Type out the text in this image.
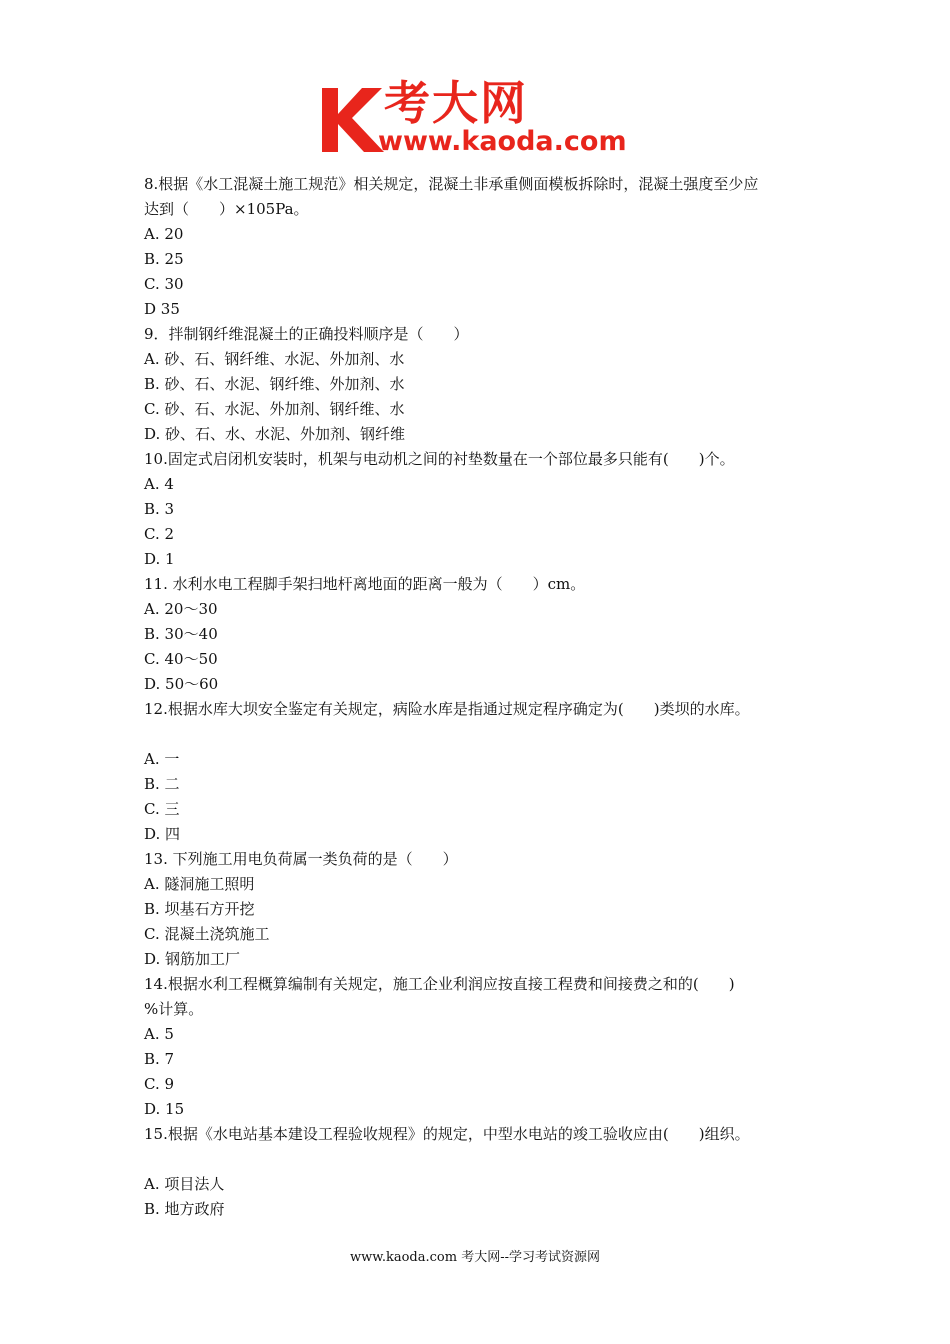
考大网
www.kaoda.com
8.根据《水工混凝土施工规范》相关规定，混凝土非承重侧面模板拆除时，混凝土强度至少应
达到（　　）×105Pa。
A. 20
B. 25
C. 30
D 35
9．拌制钢纤维混凝土的正确投料顺序是（　　）
A. 砂、石、钢纤维、水泥、外加剂、水
B. 砂、石、水泥、钢纤维、外加剂、水
C. 砂、石、水泥、外加剂、钢纤维、水
D. 砂、石、水、水泥、外加剂、钢纤维
10.固定式启闭机安装时，机架与电动机之间的衬垫数量在一个部位最多只能有(　　)个。
A. 4
B. 3
C. 2
D. 1
11. 水利水电工程脚手架扫地杆离地面的距离一般为（　　）cm。
A. 20～30
B. 30～40
C. 40～50
D. 50～60
12.根据水库大坝安全鉴定有关规定，病险水库是指通过规定程序确定为(　　)类坝的水库。
A. 一
B. 二
C. 三
D. 四
13. 下列施工用电负荷属一类负荷的是（　　）
A. 隧洞施工照明
B. 坝基石方开挖
C. 混凝土浇筑施工
D. 钢筋加工厂
14.根据水利工程概算编制有关规定，施工企业利润应按直接工程费和间接费之和的(　　)
%计算。
A. 5
B. 7
C. 9
D. 15
15.根据《水电站基本建设工程验收规程》的规定，中型水电站的竣工验收应由(　　)组织。
A. 项目法人
B. 地方政府
www.kaoda.com 考大网--学习考试资源网
